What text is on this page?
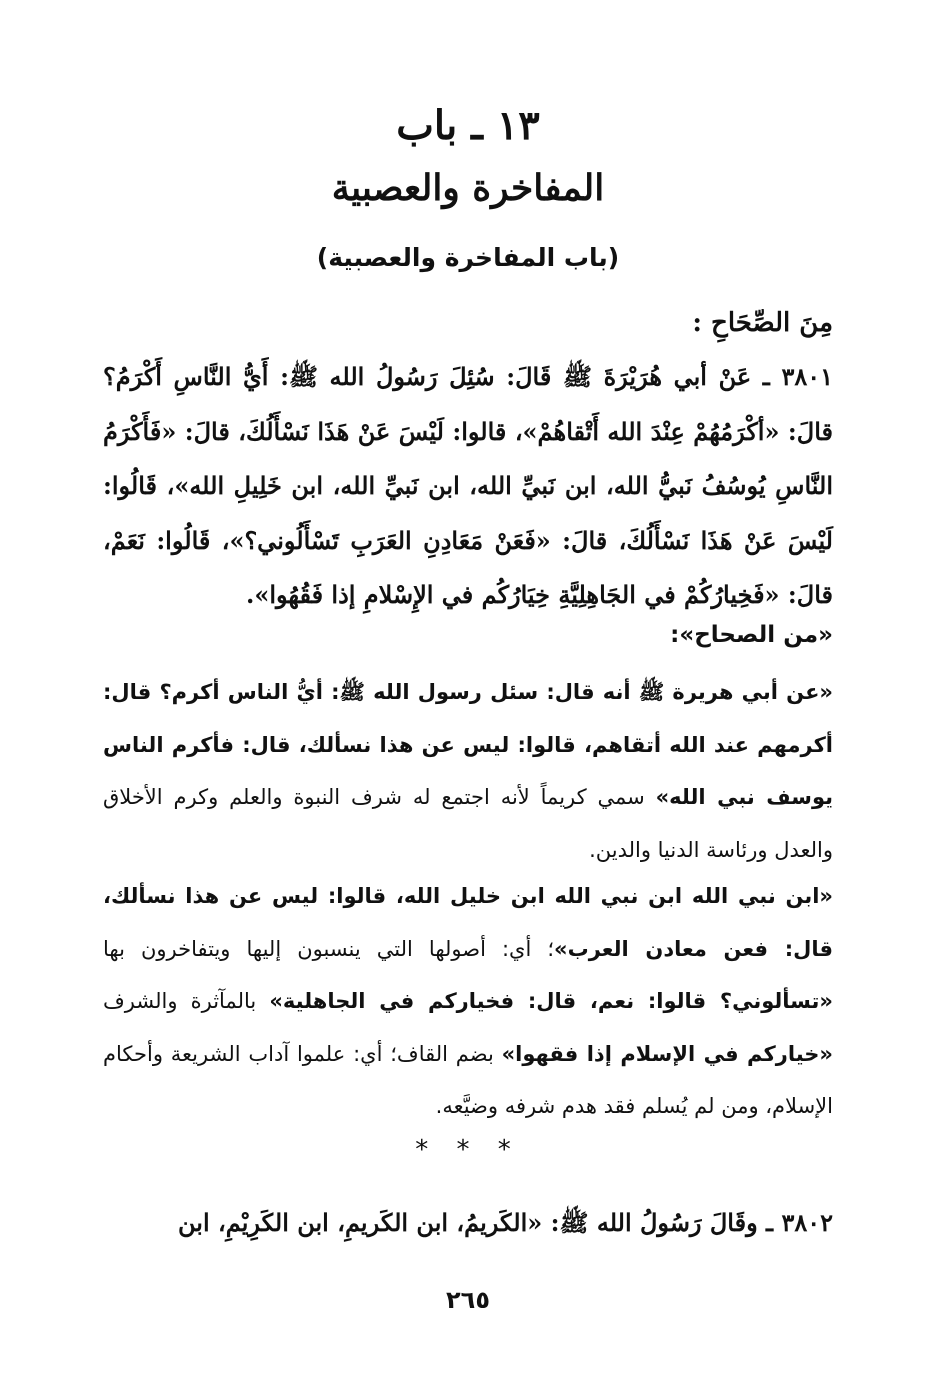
١٣ ـ باب
المفاخرة والعصبية
(باب المفاخرة والعصبية)
مِنَ الصِّحَاحِ :
٣٨٠١ ـ عَنْ أبي هُرَيْرَةَ ﷺ قَالَ: سُئِلَ رَسُولُ الله ﷺ: أَيُّ النَّاسِ أَكْرَمُ؟ قالَ: «أكْرَمُهُمْ عِنْدَ الله أَتْقاهُمْ»، قالوا: لَيْسَ عَنْ هَذَا نَسْأَلُكَ، قالَ: «فَأَكْرَمُ النَّاسِ يُوسُفُ نَبيُّ الله، ابن نَبيِّ الله، ابن نَبيِّ الله، ابن خَلِيلِ الله»، قَالُوا: لَيْسَ عَنْ هَذَا نَسْأَلُكَ، قالَ: «فَعَنْ مَعَادِنِ العَرَبِ تَسْأَلُوني؟»، قَالُوا: نَعَمْ، قالَ: «فَخِيارُكُمْ في الجَاهِلِيَّةِ خِيَارُكُم في الإِسْلامِ إذا فَقُهُوا».
«من الصحاح»:
«عن أبي هريرة ﷺ أنه قال: سئل رسول الله ﷺ: أيُّ الناس أكرم؟ قال: أكرمهم عند الله أتقاهم، قالوا: ليس عن هذا نسألك، قال: فأكرم الناس يوسف نبي الله» سمي كريماً لأنه اجتمع له شرف النبوة والعلم وكرم الأخلاق والعدل ورئاسة الدنيا والدين.
«ابن نبي الله ابن نبي الله ابن خليل الله، قالوا: ليس عن هذا نسألك، قال: فعن معادن العرب»؛ أي: أصولها التي ينسبون إليها ويتفاخرون بها «تسألوني؟ قالوا: نعم، قال: فخياركم في الجاهلية» بالمآثرة والشرف «خياركم في الإسلام إذا فقهوا» بضم القاف؛ أي: علموا آداب الشريعة وأحكام الإسلام، ومن لم يُسلم فقد هدم شرفه وضيَّعه.
* * *
٣٨٠٢ ـ وقَالَ رَسُولُ الله ﷺ: «الكَريمُ، ابن الكَريمِ، ابن الكَرِيْمِ، ابن
٢٦٥
